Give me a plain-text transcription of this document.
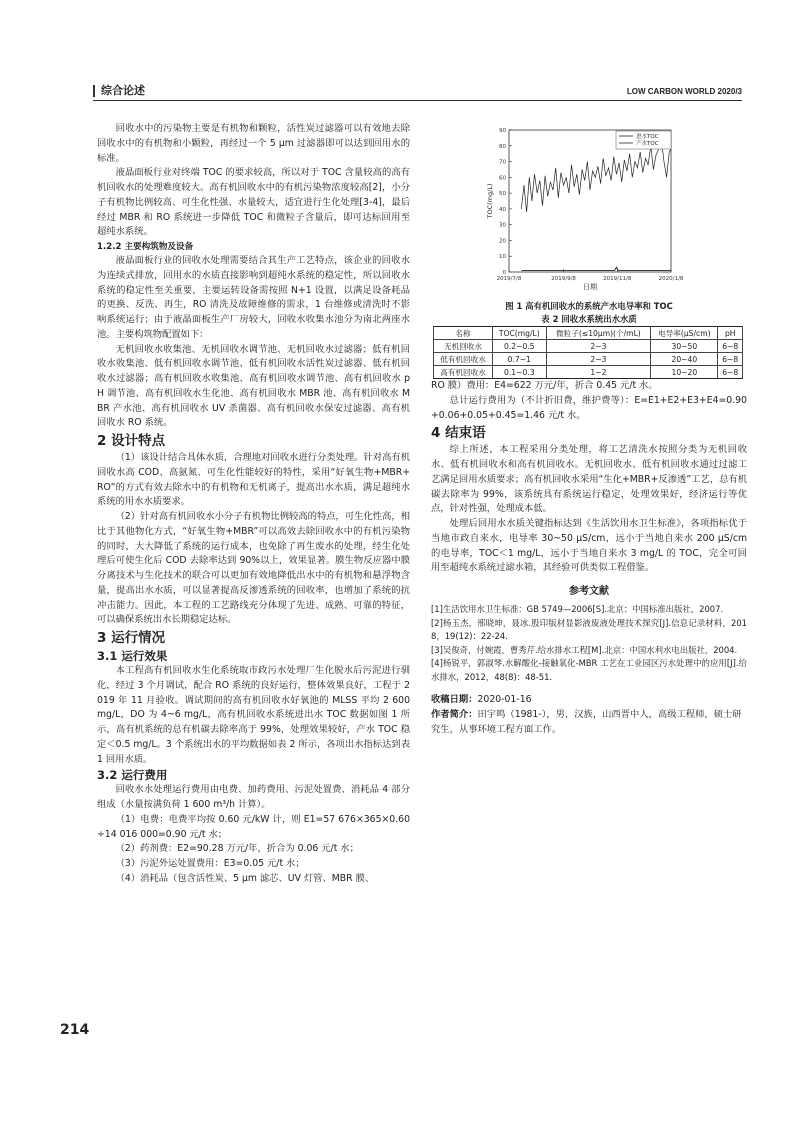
综合论述	LOW CARBON WORLD 2020/3

回收水中的污染物主要是有机物和颗粒，活性炭过滤器可以有效地去除回收水中的有机物和小颗粒，再经过一个 5 μm 过滤器即可以达到回用水的标准。

液晶面板行业对终端 TOC 的要求较高，所以对于 TOC 含量较高的高有机回收水的处理难度较大。高有机回收水中的有机污染物浓度较高[2]，小分子有机物比例较高、可生化性强、水量较大，适宜进行生化处理[3-4]，最后经过 MBR 和 RO 系统进一步降低 TOC 和微粒子含量后，即可达标回用至超纯水系统。

1.2.2 主要构筑物及设备

液晶面板行业的回收水处理需要结合其生产工艺特点，该企业的回收水为连续式排放，回用水的水质直接影响到超纯水系统的稳定性，所以回收水系统的稳定性至关重要，主要运转设备需按照 N+1 设置，以满足设备耗品的更换、反洗、再生，RO 清洗及故障维修的需求，1 台维修或清洗时不影响系统运行；由于液晶面板生产厂房较大，回收水收集水池分为南北两座水池。主要构筑物配置如下：

无机回收水收集池、无机回收水调节池、无机回收水过滤器；低有机回收水收集池、低有机回收水调节池、低有机回收水活性炭过滤器、低有机回收水过滤器；高有机回收水收集池、高有机回收水调节池、高有机回收水 pH 调节池、高有机回收水生化池、高有机回收水 MBR 池、高有机回收水 MBR 产水池、高有机回收水 UV 杀菌器、高有机回收水保安过滤器、高有机回收水 RO 系统。

2 设计特点

（1）该设计结合具体水质，合理地对回收水进行分类处理。针对高有机回收水高 COD、高氨氮、可生化性能较好的特性，采用“好氧生物+MBR+RO”的方式有效去除水中的有机物和无机离子，提高出水水质，满足超纯水系统的用水水质要求。

（2）针对高有机回收水小分子有机物比例较高的特点，可生化性高，相比于其他物化方式，“好氧生物+MBR”可以高效去除回收水中的有机污染物的同时，大大降低了系统的运行成本，也免除了再生废水的处理，经生化处理后可使生化后 COD 去除率达到 90%以上，效果显著。膜生物反应器中膜分离技术与生化技术的联合可以更加有效地降低出水中的有机物和悬浮物含量，提高出水水质，可以显著提高反渗透系统的回收率，也增加了系统的抗冲击能力。因此，本工程的工艺路线充分体现了先进、成熟、可靠的特征，可以确保系统出水长期稳定达标。

3 运行情况

3.1 运行效果

本工程高有机回收水生化系统取市政污水处理厂生化脱水后污泥进行驯化，经过 3 个月调试，配合 RO 系统的良好运行，整体效果良好，工程于 2019 年 11 月验收。调试期间的高有机回收水好氧池的 MLSS 平均 2 600 mg/L，DO 为 4~6 mg/L，高有机回收水系统进出水 TOC 数据如图 1 所示，高有机系统的总有机碳去除率高于 99%，处理效果较好，产水 TOC 稳定＜0.5 mg/L。3 个系统出水的平均数据如表 2 所示，各项出水指标达到表 1 回用水质。

3.2 运行费用

回收水水处理运行费用由电费、加药费用、污泥处置费、消耗品 4 部分组成（水量按满负荷 1 600 m³/h 计算）。

（1）电费：电费平均按 0.60 元/kW 计，则 E1=57 676×365×0.60÷14 016 000=0.90 元/t 水；

（2）药剂费：E2=90.28 万元/年，折合为 0.06 元/t 水；

（3）污泥外运处置费用：E3=0.05 元/t 水；

（4）消耗品（包含活性炭、5 μm 滤芯、UV 灯管、MBR 膜、

0
10
20
30
40
50
60
70
80
90
2019/7/8	2019/9/8	2019/11/8	2020/1/8
日期
TOC(mg/L)
进水TOC
产水TOC

图 1 高有机回收水的系统产水电导率和 TOC

表 2 回收水系统出水水质

名称	TOC(mg/L)	微粒子(≤10μm)(个/mL)	电导率(μS/cm)	pH
无机回收水	0.2~0.5	2~3	30~50	6~8
低有机回收水	0.7~1	2~3	20~40	6~8
高有机回收水	0.1~0.3	1~2	10~20	6~8

RO 膜）费用：E4=622 万元/年，折合 0.45 元/t 水。

总计运行费用为（不计折旧费，维护费等）：E=E1+E2+E3+E4=0.90+0.06+0.05+0.45=1.46 元/t 水。

4 结束语

综上所述，本工程采用分类处理，将工艺清洗水按照分类为无机回收水、低有机回收水和高有机回收水。无机回收水、低有机回收水通过过滤工艺满足回用水质要求；高有机回收水采用“生化+MBR+反渗透”工艺，总有机碳去除率为 99%，该系统具有系统运行稳定，处理效果好，经济运行等优点，针对性强，处理成本低。

处理后回用水水质关键指标达到《生活饮用水卫生标准》，各项指标优于当地市政自来水，电导率 30~50 μS/cm，远小于当地自来水 200 μS/cm 的电导率，TOC＜1 mg/L，远小于当地自来水 3 mg/L 的 TOC，完全可回用至超纯水系统过滤水箱，其经验可供类似工程借鉴。

参考文献

[1]生活饮用水卫生标准：GB 5749—2006[S].北京：中国标准出版社，2007.

[2]杨玉杰，邢晓坤，聂冰.股印版材显影液废液处理技术探究[J].信息记录材料，2018，19(12)：22-24.

[3]吴俊奇，付婉霞，曹秀芹.给水排水工程[M].北京：中国水利水电出版社，2004.

[4]杨锐平，郭淑琴.水解酸化-接触氧化-MBR 工艺在工业园区污水处理中的应用[J].给水排水，2012，48(8)：48-51.

收稿日期：2020-01-16

作者简介：田宇鸣（1981-），男，汉族，山西晋中人，高级工程师，硕士研究生，从事环境工程方面工作。

214
